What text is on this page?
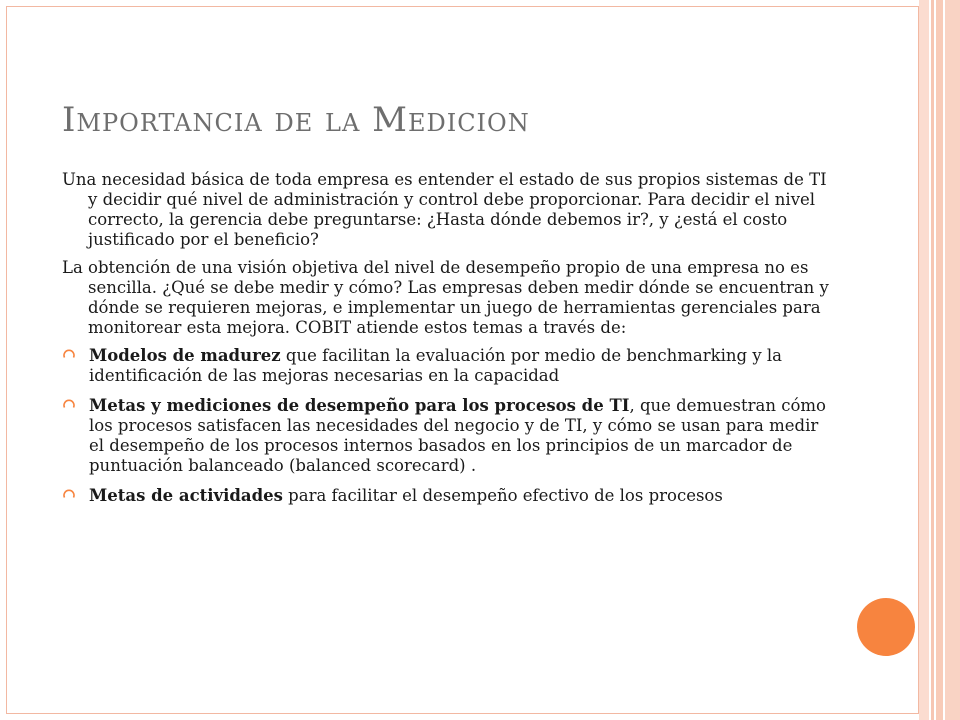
Importancia de la Medicion

Una necesidad básica de toda empresa es entender el estado de sus propios sistemas de TI y decidir qué nivel de administración y control debe proporcionar. Para decidir el nivel correcto, la gerencia debe preguntarse: ¿Hasta dónde debemos ir?, y ¿está el costo justificado por el beneficio?

La obtención de una visión objetiva del nivel de desempeño propio de una empresa no es sencilla. ¿Qué se debe medir y cómo? Las empresas deben medir dónde se encuentran y dónde se requieren mejoras, e implementar un juego de herramientas gerenciales para monitorear esta mejora. COBIT atiende estos temas a través de:

Modelos de madurez que facilitan la evaluación por medio de benchmarking y la identificación de las mejoras necesarias en la capacidad
Metas y mediciones de desempeño para los procesos de TI, que demuestran cómo los procesos satisfacen las necesidades del negocio y de TI, y cómo se usan para medir el desempeño de los procesos internos basados en los principios de un marcador de puntuación balanceado (balanced scorecard) .
Metas de actividades para facilitar el desempeño efectivo de los procesos
